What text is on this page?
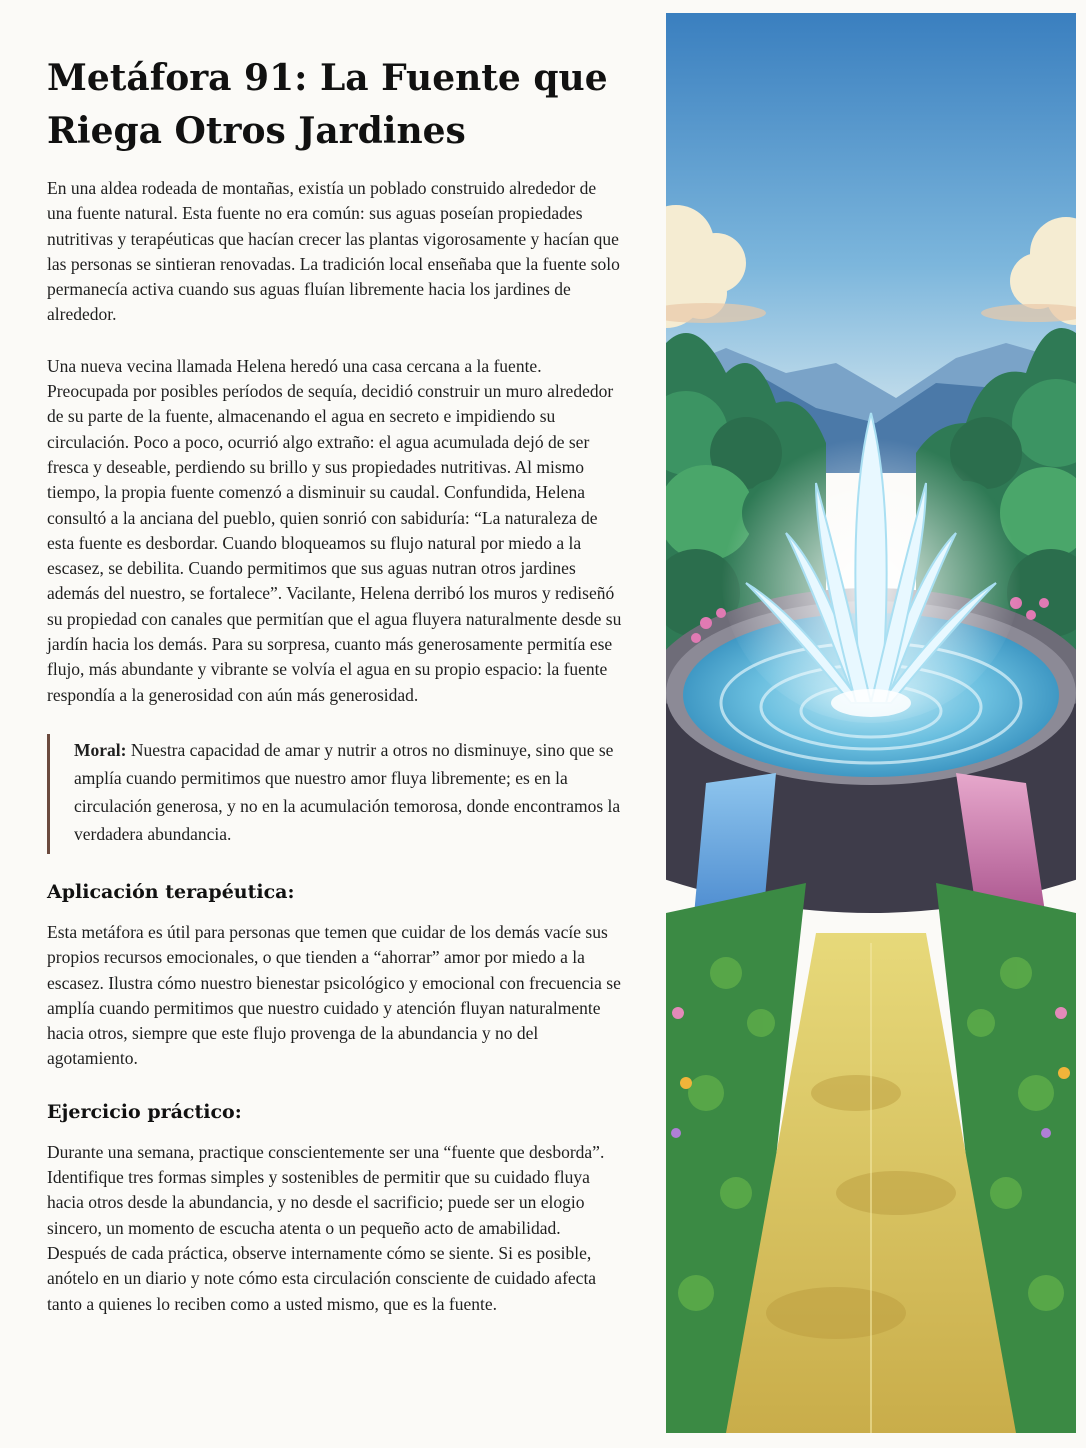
Metáfora 91: La Fuente que Riega Otros Jardines

En una aldea rodeada de montañas, existía un poblado construido alrededor de una fuente natural. Esta fuente no era común: sus aguas poseían propiedades nutritivas y terapéuticas que hacían crecer las plantas vigorosamente y hacían que las personas se sintieran renovadas. La tradición local enseñaba que la fuente solo permanecía activa cuando sus aguas fluían libremente hacia los jardines de alrededor.

Una nueva vecina llamada Helena heredó una casa cercana a la fuente. Preocupada por posibles períodos de sequía, decidió construir un muro alrededor de su parte de la fuente, almacenando el agua en secreto e impidiendo su circulación. Poco a poco, ocurrió algo extraño: el agua acumulada dejó de ser fresca y deseable, perdiendo su brillo y sus propiedades nutritivas. Al mismo tiempo, la propia fuente comenzó a disminuir su caudal. Confundida, Helena consultó a la anciana del pueblo, quien sonrió con sabiduría: “La naturaleza de esta fuente es desbordar. Cuando bloqueamos su flujo natural por miedo a la escasez, se debilita. Cuando permitimos que sus aguas nutran otros jardines además del nuestro, se fortalece”. Vacilante, Helena derribó los muros y rediseñó su propiedad con canales que permitían que el agua fluyera naturalmente desde su jardín hacia los demás. Para su sorpresa, cuanto más generosamente permitía ese flujo, más abundante y vibrante se volvía el agua en su propio espacio: la fuente respondía a la generosidad con aún más generosidad.

Moral: Nuestra capacidad de amar y nutrir a otros no disminuye, sino que se amplía cuando permitimos que nuestro amor fluya libremente; es en la circulación generosa, y no en la acumulación temorosa, donde encontramos la verdadera abundancia.

Aplicación terapéutica:

Esta metáfora es útil para personas que temen que cuidar de los demás vacíe sus propios recursos emocionales, o que tienden a “ahorrar” amor por miedo a la escasez. Ilustra cómo nuestro bienestar psicológico y emocional con frecuencia se amplía cuando permitimos que nuestro cuidado y atención fluyan naturalmente hacia otros, siempre que este flujo provenga de la abundancia y no del agotamiento.

Ejercicio práctico:

Durante una semana, practique conscientemente ser una “fuente que desborda”. Identifique tres formas simples y sostenibles de permitir que su cuidado fluya hacia otros desde la abundancia, y no desde el sacrificio; puede ser un elogio sincero, un momento de escucha atenta o un pequeño acto de amabilidad. Después de cada práctica, observe internamente cómo se siente. Si es posible, anótelo en un diario y note cómo esta circulación consciente de cuidado afecta tanto a quienes lo reciben como a usted mismo, que es la fuente.
